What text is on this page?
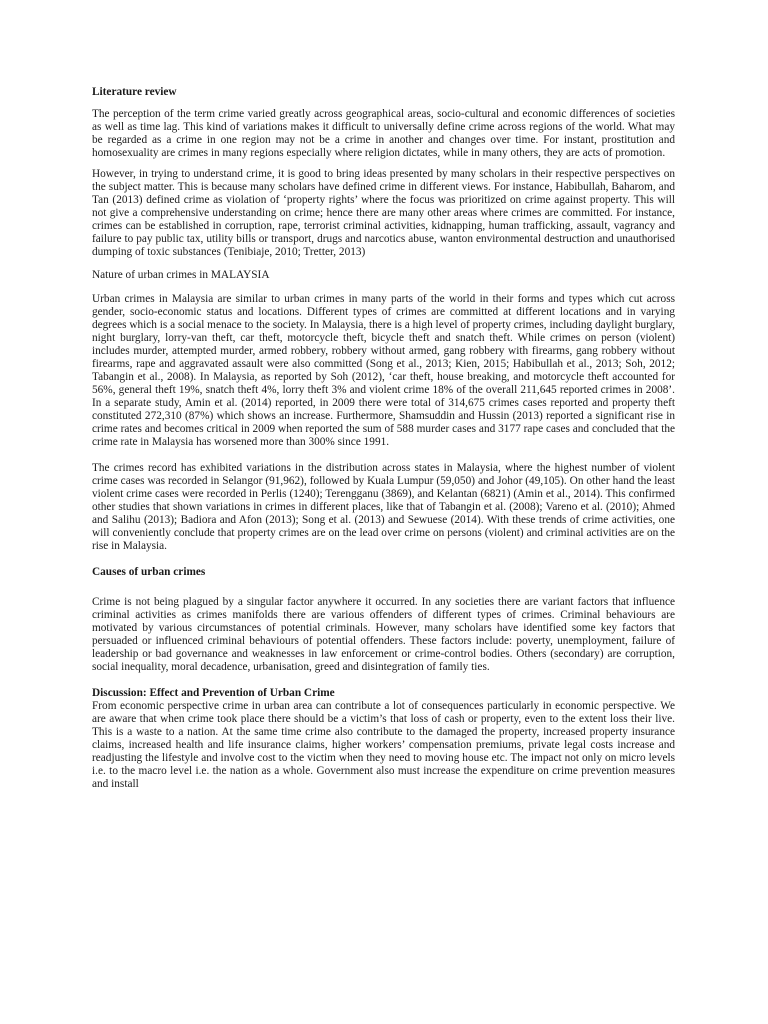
Literature review

The perception of the term crime varied greatly across geographical areas, socio-cultural and economic differences of societies as well as time lag. This kind of variations makes it difficult to universally define crime across regions of the world. What may be regarded as a crime in one region may not be a crime in another and changes over time. For instant, prostitution and homosexuality are crimes in many regions especially where religion dictates, while in many others, they are acts of promotion.

However, in trying to understand crime, it is good to bring ideas presented by many scholars in their respective perspectives on the subject matter. This is because many scholars have defined crime in different views. For instance, Habibullah, Baharom, and Tan (2013) defined crime as violation of ‘property rights’ where the focus was prioritized on crime against property. This will not give a comprehensive understanding on crime; hence there are many other areas where crimes are committed. For instance, crimes can be established in corruption, rape, terrorist criminal activities, kidnapping, human trafficking, assault, vagrancy and failure to pay public tax, utility bills or transport, drugs and narcotics abuse, wanton environmental destruction and unauthorised dumping of toxic substances (Tenibiaje, 2010; Tretter, 2013)

Nature of urban crimes in MALAYSIA

Urban crimes in Malaysia are similar to urban crimes in many parts of the world in their forms and types which cut across gender, socio-economic status and locations. Different types of crimes are committed at different locations and in varying degrees which is a social menace to the society. In Malaysia, there is a high level of property crimes, including daylight burglary, night burglary, lorry-van theft, car theft, motorcycle theft, bicycle theft and snatch theft. While crimes on person (violent) includes murder, attempted murder, armed robbery, robbery without armed, gang robbery with firearms, gang robbery without firearms, rape and aggravated assault were also committed (Song et al., 2013; Kien, 2015; Habibullah et al., 2013; Soh, 2012; Tabangin et al., 2008). In Malaysia, as reported by Soh (2012), ‘car theft, house breaking, and motorcycle theft accounted for 56%, general theft 19%, snatch theft 4%, lorry theft 3% and violent crime 18% of the overall 211,645 reported crimes in 2008’. In a separate study, Amin et al. (2014) reported, in 2009 there were total of 314,675 crimes cases reported and property theft constituted 272,310 (87%) which shows an increase. Furthermore, Shamsuddin and Hussin (2013) reported a significant rise in crime rates and becomes critical in 2009 when reported the sum of 588 murder cases and 3177 rape cases and concluded that the crime rate in Malaysia has worsened more than 300% since 1991.

The crimes record has exhibited variations in the distribution across states in Malaysia, where the highest number of violent crime cases was recorded in Selangor (91,962), followed by Kuala Lumpur (59,050) and Johor (49,105). On other hand the least violent crime cases were recorded in Perlis (1240); Terengganu (3869), and Kelantan (6821) (Amin et al., 2014). This confirmed other studies that shown variations in crimes in different places, like that of Tabangin et al. (2008); Vareno et al. (2010); Ahmed and Salihu (2013); Badiora and Afon (2013); Song et al. (2013) and Sewuese (2014). With these trends of crime activities, one will conveniently conclude that property crimes are on the lead over crime on persons (violent) and criminal activities are on the rise in Malaysia.

Causes of urban crimes

Crime is not being plagued by a singular factor anywhere it occurred. In any societies there are variant factors that influence criminal activities as crimes manifolds there are various offenders of different types of crimes. Criminal behaviours are motivated by various circumstances of potential criminals. However, many scholars have identified some key factors that persuaded or influenced criminal behaviours of potential offenders. These factors include: poverty, unemployment, failure of leadership or bad governance and weaknesses in law enforcement or crime-control bodies. Others (secondary) are corruption, social inequality, moral decadence, urbanisation, greed and disintegration of family ties.

Discussion: Effect and Prevention of Urban Crime

From economic perspective crime in urban area can contribute a lot of consequences particularly in economic perspective. We are aware that when crime took place there should be a victim’s that loss of cash or property, even to the extent loss their live. This is a waste to a nation. At the same time crime also contribute to the damaged the property, increased property insurance claims, increased health and life insurance claims, higher workers’ compensation premiums, private legal costs increase and readjusting the lifestyle and involve cost to the victim when they need to moving house etc. The impact not only on micro levels i.e. to the macro level i.e. the nation as a whole. Government also must increase the expenditure on crime prevention measures and install
